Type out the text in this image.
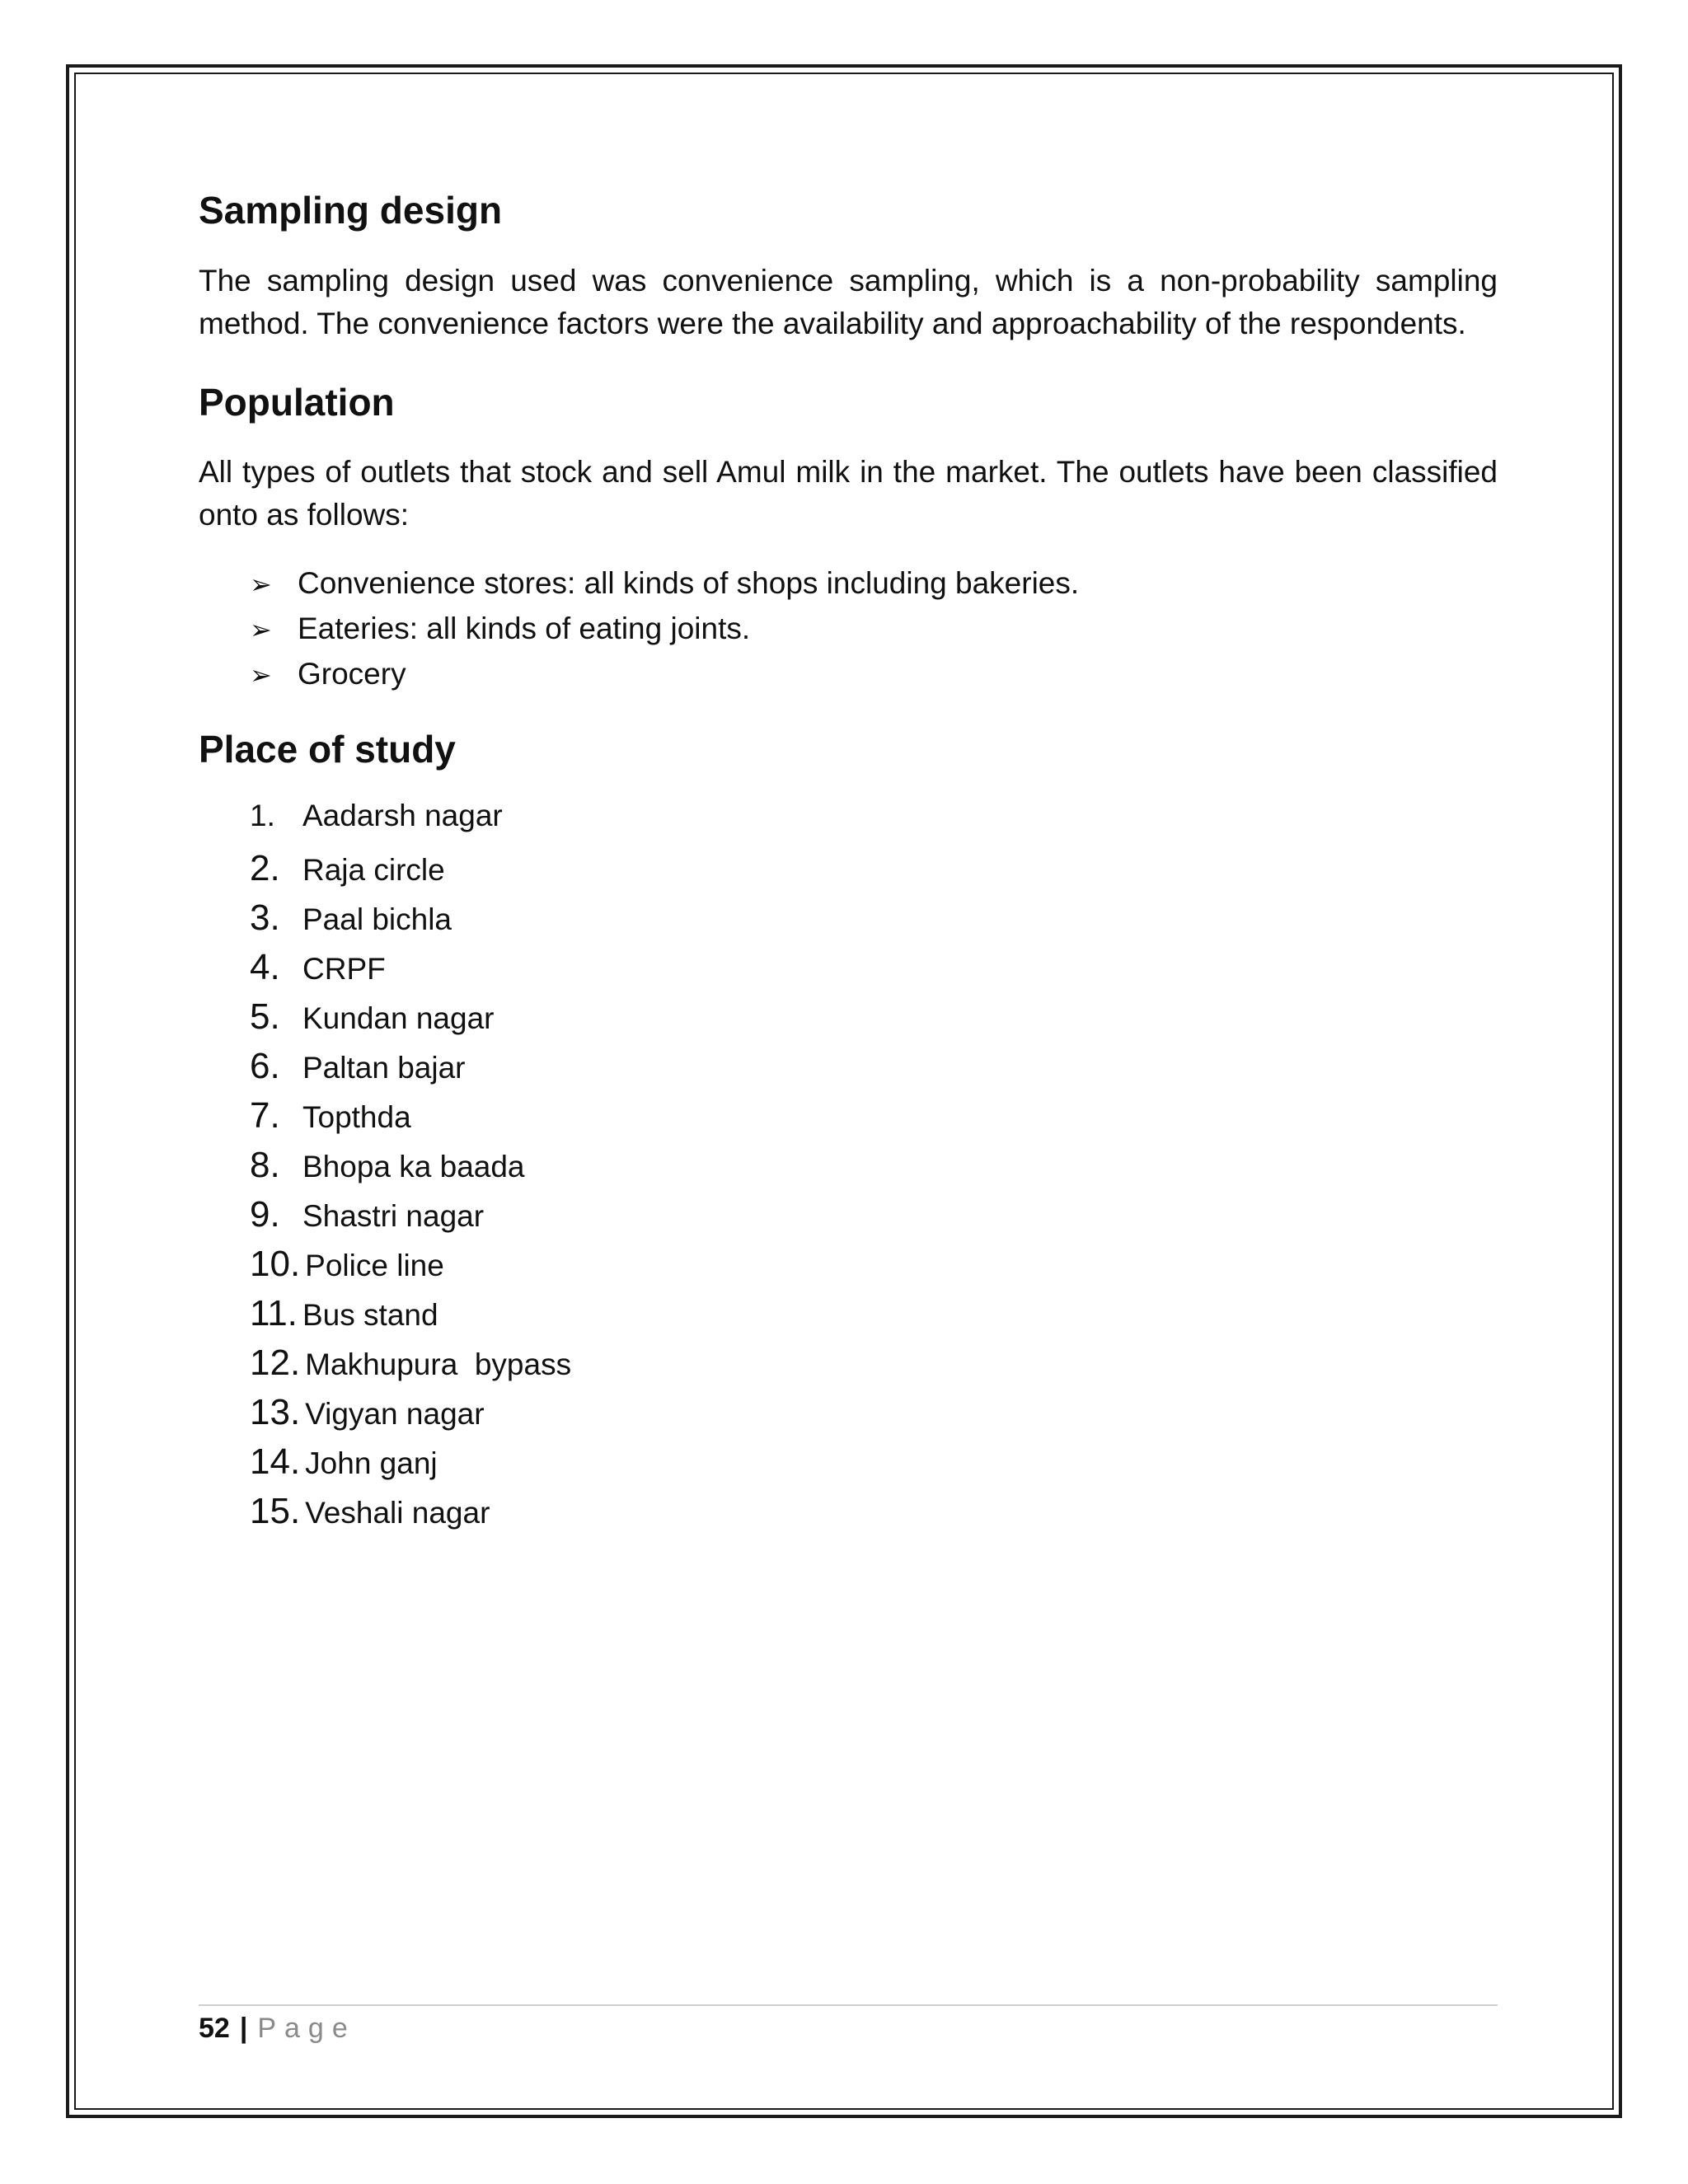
Sampling design

The sampling design used was convenience sampling, which is a non-probability sampling method. The convenience factors were the availability and approachability of the respondents.

Population

All types of outlets that stock and sell Amul milk in the market. The outlets have been classified onto as follows:

➢ Convenience stores: all kinds of shops including bakeries.
➢ Eateries: all kinds of eating joints.
➢ Grocery
Place of study
1. Aadarsh nagar
2. Raja circle
3. Paal bichla
4. CRPF
5. Kundan nagar
6. Paltan bajar
7. Topthda
8. Bhopa ka baada
9. Shastri nagar
10. Police line
11. Bus stand
12. Makhupura  bypass
13. Vigyan nagar
14. John ganj
15. Veshali nagar
52 | Page
